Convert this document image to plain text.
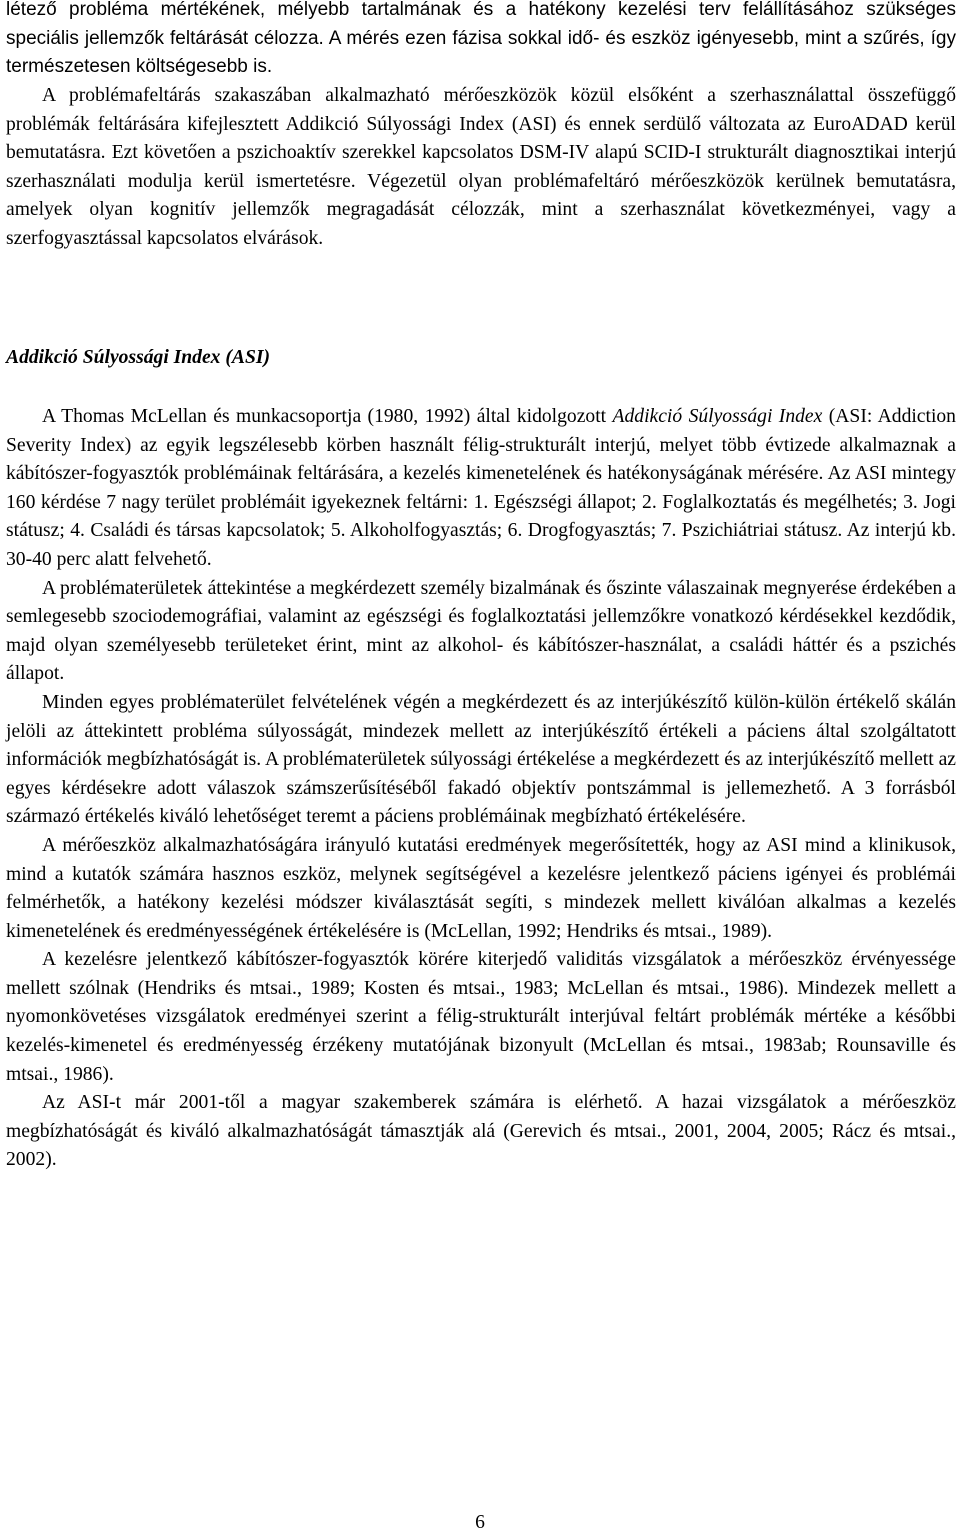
létező probléma mértékének, mélyebb tartalmának és a hatékony kezelési terv felállításához szükséges speciális jellemzők feltárását célozza. A mérés ezen fázisa sokkal idő- és eszköz igényesebb, mint a szűrés, így természetesen költségesebb is.

A problémafeltárás szakaszában alkalmazható mérőeszközök közül elsőként a szerhasználattal összefüggő problémák feltárására kifejlesztett Addikció Súlyossági Index (ASI) és ennek serdülő változata az EuroADAD kerül bemutatásra. Ezt követően a pszichoaktív szerekkel kapcsolatos DSM-IV alapú SCID-I strukturált diagnosztikai interjú szerhasználati modulja kerül ismertetésre. Végezetül olyan problémafeltáró mérőeszközök kerülnek bemutatásra, amelyek olyan kognitív jellemzők megragadását célozzák, mint a szerhasználat következményei, vagy a szerfogyasztással kapcsolatos elvárások.

Addikció Súlyossági Index (ASI)

A Thomas McLellan és munkacsoportja (1980, 1992) által kidolgozott Addikció Súlyossági Index (ASI: Addiction Severity Index) az egyik legszélesebb körben használt félig-strukturált interjú, melyet több évtizede alkalmaznak a kábítószer-fogyasztók problémáinak feltárására, a kezelés kimenetelének és hatékonyságának mérésére. Az ASI mintegy 160 kérdése 7 nagy terület problémáit igyekeznek feltárni: 1. Egészségi állapot; 2. Foglalkoztatás és megélhetés; 3. Jogi státusz; 4. Családi és társas kapcsolatok; 5. Alkoholfogyasztás; 6. Drogfogyasztás; 7. Pszichiátriai státusz. Az interjú kb. 30-40 perc alatt felvehető.

A problématerületek áttekintése a megkérdezett személy bizalmának és őszinte válaszainak megnyerése érdekében a semlegesebb szociodemográfiai, valamint az egészségi és foglalkoztatási jellemzőkre vonatkozó kérdésekkel kezdődik, majd olyan személyesebb területeket érint, mint az alkohol- és kábítószer-használat, a családi háttér és a pszichés állapot.

Minden egyes problématerület felvételének végén a megkérdezett és az interjúkészítő külön-külön értékelő skálán jelöli az áttekintett probléma súlyosságát, mindezek mellett az interjúkészítő értékeli a páciens által szolgáltatott információk megbízhatóságát is. A problématerületek súlyossági értékelése a megkérdezett és az interjúkészítő mellett az egyes kérdésekre adott válaszok számszerűsítéséből fakadó objektív pontszámmal is jellemezhető. A 3 forrásból származó értékelés kiváló lehetőséget teremt a páciens problémáinak megbízható értékelésére.

A mérőeszköz alkalmazhatóságára irányuló kutatási eredmények megerősítették, hogy az ASI mind a klinikusok, mind a kutatók számára hasznos eszköz, melynek segítségével a kezelésre jelentkező páciens igényei és problémái felmérhetők, a hatékony kezelési módszer kiválasztását segíti, s mindezek mellett kiválóan alkalmas a kezelés kimenetelének és eredményességének értékelésére is (McLellan, 1992; Hendriks és mtsai., 1989).

A kezelésre jelentkező kábítószer-fogyasztók körére kiterjedő validitás vizsgálatok a mérőeszköz érvényessége mellett szólnak (Hendriks és mtsai., 1989; Kosten és mtsai., 1983; McLellan és mtsai., 1986). Mindezek mellett a nyomonkövetéses vizsgálatok eredményei szerint a félig-strukturált interjúval feltárt problémák mértéke a későbbi kezelés-kimenetel és eredményesség érzékeny mutatójának bizonyult (McLellan és mtsai., 1983ab; Rounsaville és mtsai., 1986).

Az ASI-t már 2001-től a magyar szakemberek számára is elérhető. A hazai vizsgálatok a mérőeszköz megbízhatóságát és kiváló alkalmazhatóságát támasztják alá (Gerevich és mtsai., 2001, 2004, 2005; Rácz és mtsai., 2002).

6
